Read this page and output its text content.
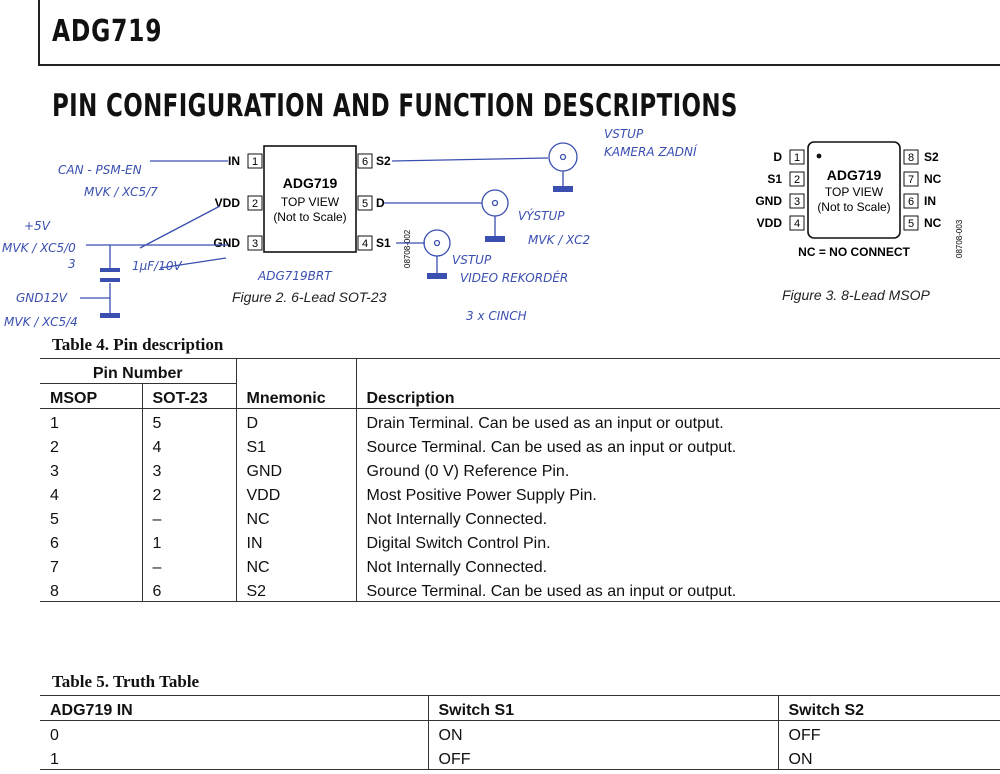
ADG719
PIN CONFIGURATION AND FUNCTION DESCRIPTIONS
ADG719
TOP VIEW
(Not to Scale)
1
IN
2
VDD
3
GND
6 S2
5 D
4 S1 08708-002
Figure 2. 6-Lead SOT-23
CAN - PSM-EN
MVK / XC5/7
+5V
MVK / XC5/0
3	1µF/10V
GND12V
MVK / XC5/4
ADG719BRT
VSTUP
KAMERA ZADNÍ
VÝSTUP
MVK / XC2
VSTUP
VIDEO REKORDÉR
3 x CINCH
ADG719
TOP VIEW
(Not to Scale)
1
D
2
S1
3
GND
4
VDD
8 S2
7 NC
6 IN
5 NC
NC = NO CONNECT	08708-003
Figure 3. 8-Lead MSOP
Table 4. Pin description
Pin Number			
MSOP	SOT-23	Mnemonic	Description
1	5	D	Drain Terminal. Can be used as an input or output.
2	4	S1	Source Terminal. Can be used as an input or output.
3	3	GND	Ground (0 V) Reference Pin.
4	2	VDD	Most Positive Power Supply Pin.
5	–	NC	Not Internally Connected.
6	1	IN	Digital Switch Control Pin.
7	–	NC	Not Internally Connected.
8	6	S2	Source Terminal. Can be used as an input or output.
Table 5. Truth Table
ADG719 IN	Switch S1	Switch S2
0	ON	OFF
1	OFF	ON
